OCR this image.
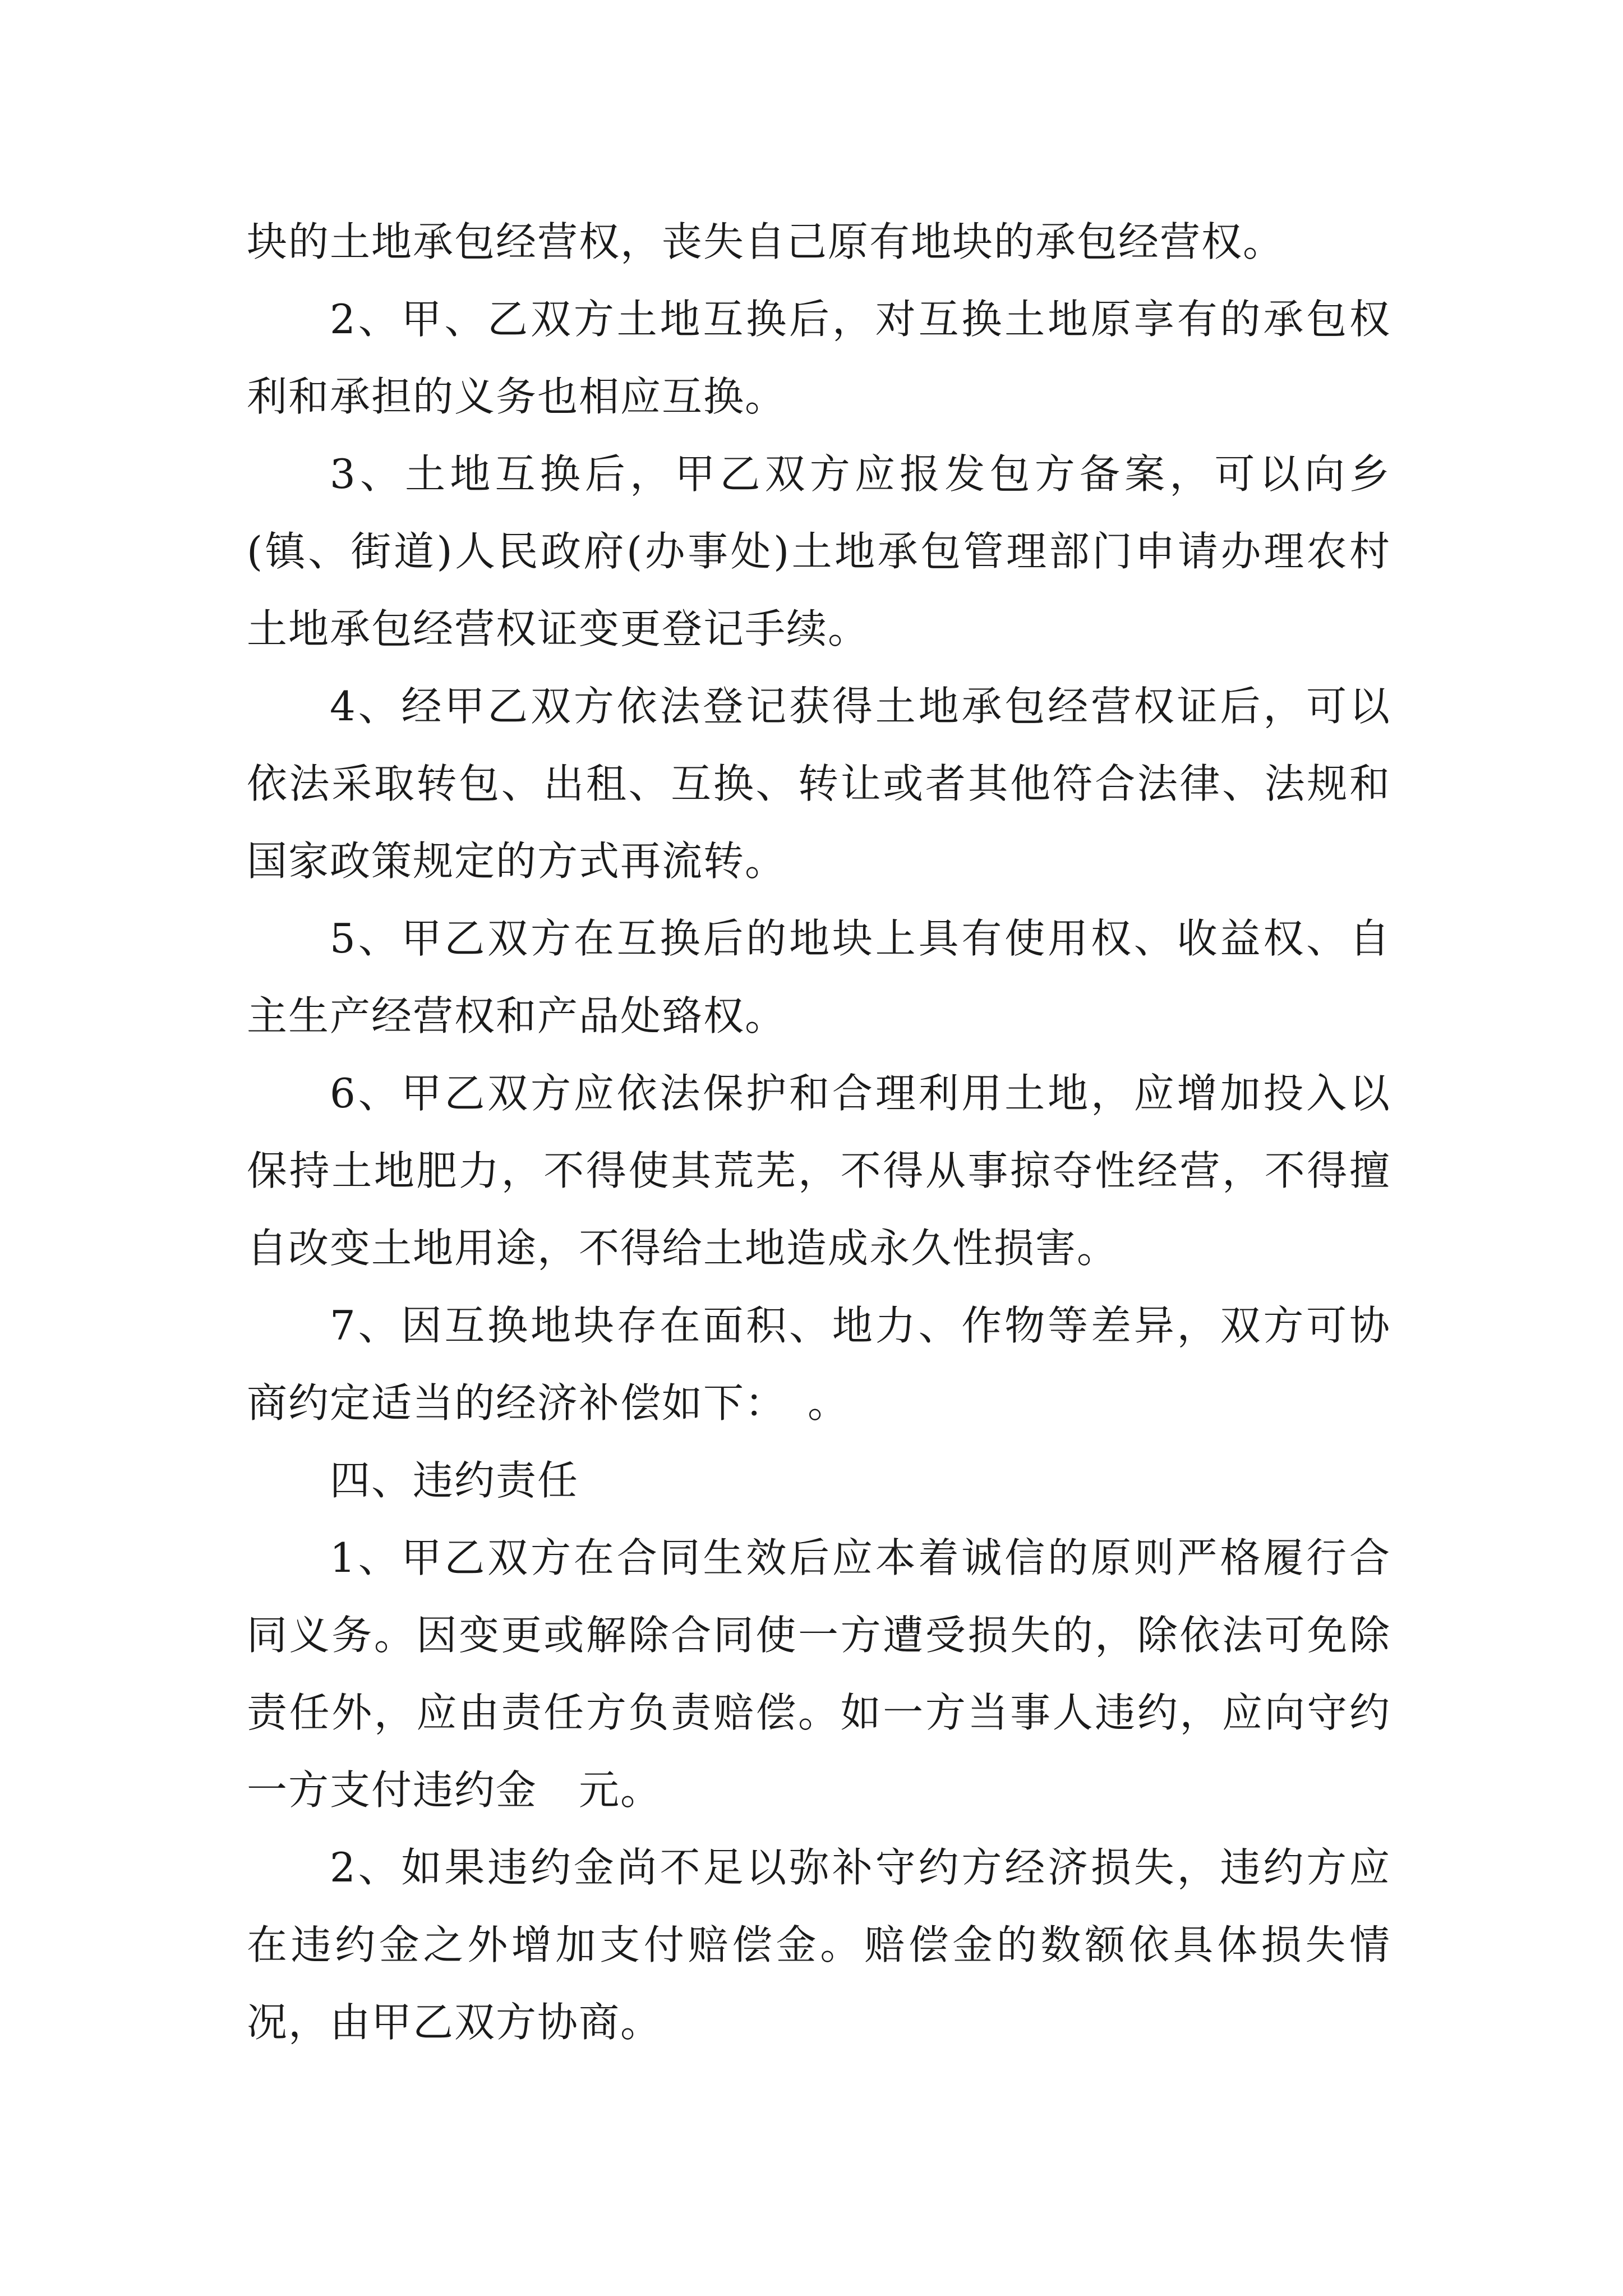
块的土地承包经营权，丧失自己原有地块的承包经营权。

2、甲、乙双方土地互换后，对互换土地原享有的承包权利和承担的义务也相应互换。

3、土地互换后，甲乙双方应报发包方备案，可以向乡(镇、街道)人民政府(办事处)土地承包管理部门申请办理农村土地承包经营权证变更登记手续。

4、经甲乙双方依法登记获得土地承包经营权证后，可以依法采取转包、出租、互换、转让或者其他符合法律、法规和国家政策规定的方式再流转。

5、甲乙双方在互换后的地块上具有使用权、收益权、自主生产经营权和产品处臵权。

6、甲乙双方应依法保护和合理利用土地，应增加投入以保持土地肥力，不得使其荒芜，不得从事掠夺性经营，不得擅自改变土地用途，不得给土地造成永久性损害。

7、因互换地块存在面积、地力、作物等差异，双方可协商约定适当的经济补偿如下：　。

四、违约责任

1、甲乙双方在合同生效后应本着诚信的原则严格履行合同义务。因变更或解除合同使一方遭受损失的，除依法可免除责任外，应由责任方负责赔偿。如一方当事人违约，应向守约一方支付违约金　元。

2、如果违约金尚不足以弥补守约方经济损失，违约方应在违约金之外增加支付赔偿金。赔偿金的数额依具体损失情况，由甲乙双方协商。
